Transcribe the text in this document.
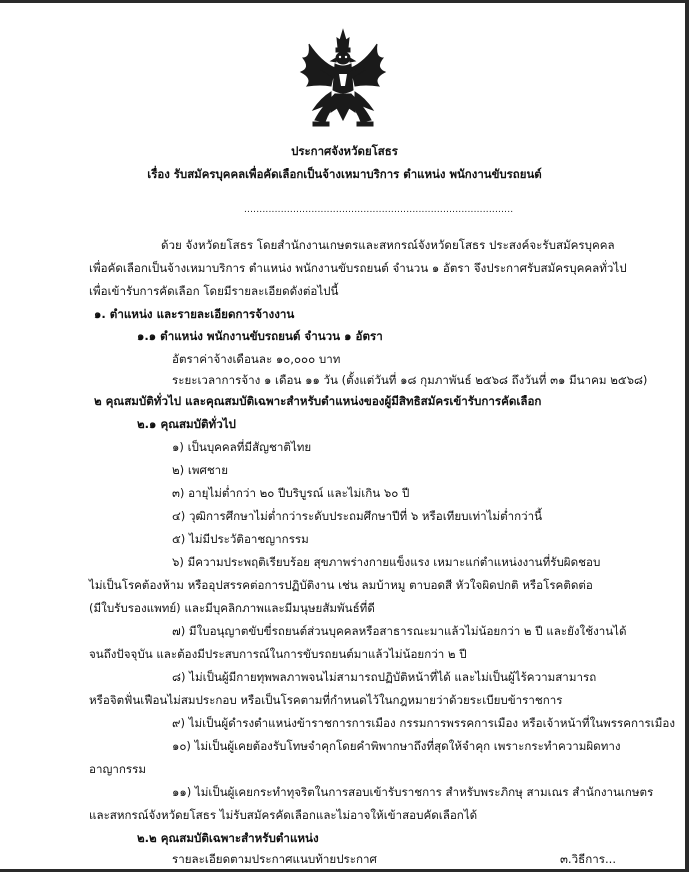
ประกาศจังหวัดยโสธร
เรื่อง รับสมัครบุคคลเพื่อคัดเลือกเป็นจ้างเหมาบริการ ตำแหน่ง พนักงานขับรถยนต์
........................................................................................
ด้วย จังหวัดยโสธร โดยสำนักงานเกษตรและสหกรณ์จังหวัดยโสธร ประสงค์จะรับสมัครบุคคล
เพื่อคัดเลือกเป็นจ้างเหมาบริการ ตำแหน่ง พนักงานขับรถยนต์ จำนวน ๑ อัตรา จึงประกาศรับสมัครบุคคลทั่วไป
เพื่อเข้ารับการคัดเลือก โดยมีรายละเอียดดังต่อไปนี้
๑. ตำแหน่ง และรายละเอียดการจ้างงาน
๑.๑ ตำแหน่ง พนักงานขับรถยนต์ จำนวน ๑ อัตรา
อัตราค่าจ้างเดือนละ ๑๐,๐๐๐ บาท
ระยะเวลาการจ้าง ๑ เดือน ๑๑ วัน (ตั้งแต่วันที่ ๑๘ กุมภาพันธ์ ๒๕๖๘ ถึงวันที่ ๓๑ มีนาคม ๒๕๖๘)
๒ คุณสมบัติทั่วไป และคุณสมบัติเฉพาะสำหรับตำแหน่งของผู้มีสิทธิสมัครเข้ารับการคัดเลือก
๒.๑ คุณสมบัติทั่วไป
๑) เป็นบุคคลที่มีสัญชาติไทย
๒) เพศชาย
๓) อายุไม่ต่ำกว่า ๒๐ ปีบริบูรณ์ และไม่เกิน ๖๐ ปี
๔) วุฒิการศึกษาไม่ต่ำกว่าระดับประถมศึกษาปีที่ ๖ หรือเทียบเท่าไม่ต่ำกว่านี้
๕) ไม่มีประวัติอาชญากรรม
๖) มีความประพฤติเรียบร้อย สุขภาพร่างกายแข็งแรง เหมาะแก่ตำแหน่งงานที่รับผิดชอบ
ไม่เป็นโรคต้องห้าม หรืออุปสรรคต่อการปฏิบัติงาน เช่น ลมบ้าหมู ตาบอดสี หัวใจผิดปกติ หรือโรคติดต่อ
(มีใบรับรองแพทย์) และมีบุคลิกภาพและมีมนุษยสัมพันธ์ที่ดี
๗) มีใบอนุญาตขับขี่รถยนต์ส่วนบุคคลหรือสาธารณะมาแล้วไม่น้อยกว่า ๒ ปี และยังใช้งานได้
จนถึงปัจจุบัน และต้องมีประสบการณ์ในการขับรถยนต์มาแล้วไม่น้อยกว่า ๒ ปี
๘) ไม่เป็นผู้มีกายทุพพลภาพจนไม่สามารถปฏิบัติหน้าที่ได้ และไม่เป็นผู้ไร้ความสามารถ
หรือจิตฟั่นเฟือนไม่สมประกอบ หรือเป็นโรคตามที่กำหนดไว้ในกฎหมายว่าด้วยระเบียบข้าราชการ
๙) ไม่เป็นผู้ดำรงตำแหน่งข้าราชการการเมือง กรรมการพรรคการเมือง หรือเจ้าหน้าที่ในพรรคการเมือง
๑๐) ไม่เป็นผู้เคยต้องรับโทษจำคุกโดยคำพิพากษาถึงที่สุดให้จำคุก เพราะกระทำความผิดทาง
อาญากรรม
๑๑) ไม่เป็นผู้เคยกระทำทุจริตในการสอบเข้ารับราชการ สำหรับพระภิกษุ สามเณร สำนักงานเกษตร
และสหกรณ์จังหวัดยโสธร ไม่รับสมัครคัดเลือกและไม่อาจให้เข้าสอบคัดเลือกได้
๒.๒ คุณสมบัติเฉพาะสำหรับตำแหน่ง
รายละเอียดตามประกาศแนบท้ายประกาศ	๓.วิธีการ...
